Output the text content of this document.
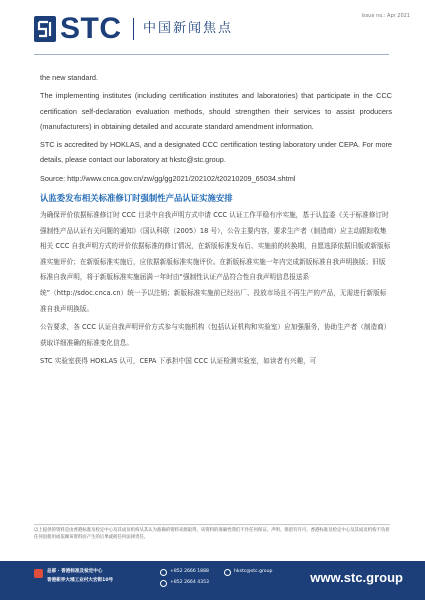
STC 中国新闻焦点
Issue no.: Apr 2021

the new standard.

The implementing institutes (including certification institutes and laboratories) that participate in the CCC certification self-declaration evaluation methods, should strengthen their services to assist producers (manufacturers) in obtaining detailed and accurate standard amendment information.

STC is accredited by HOKLAS, and a designated CCC certification testing laboratory under CEPA. For more details, please contact our laboratory at hkstc@stc.group.

Source: http://www.cnca.gov.cn/zw/gg/gg2021/202102/t20210209_65034.shtml

认监委发布相关标准修订时强制性产品认证实施安排

为确保评价依据标准修订时 CCC 目录中自我声明方式申请 CCC 认证工作平稳有序实施，基于认监委《关于标准修订时强制性产品认证有关问题的通知》（国认科联（2005）18 号），公告主要内容，要求生产者（制造商）应主动跟踪收集相关 CCC 自我声明方式的评价依据标准的修订情况，在新版标准发布后、实施前的转换期，自愿选择依据旧版或新版标准实施评价；在新版标准实施后，应依据新版标准实施评价。在新版标准实施一年内完成新版标准自我声明换版；旧版标准自我声明，将于新版标准实施届满一年时由“强制性认证产品符合性自我声明信息报送系统”（http://sdoc.cnca.cn）统一予以注销；新版标准实施前已经出厂、投放市场且不再生产的产品，无需进行新版标准自我声明换版。

公告要求，各 CCC 认证自我声明评价方式参与实施机构（包括认证机构和实验室）应加强服务，协助生产者（制造商）获取详细准确的标准变化信息。

STC 实验室获得 HOKLAS 认可，CEPA 下承担中国 CCC 认证检测实验室，如读者有兴趣，可

以上提供的资料是由香港标准及检定中心及其成员机构从其认为准确的资料来源取得，该资料的准确性我们不作任何保证。声明、保留有许可，香港标准及检定中心及其成员机构不负担任何因使用或依赖该资料而产生的后果或损任何法律责任。
总部 · 香港标准及检定中心
香港新界大埔工业村大宏街10号
+852 2666 1888
+852 2664 4353
hkstc@stc.group	www.stc.group
